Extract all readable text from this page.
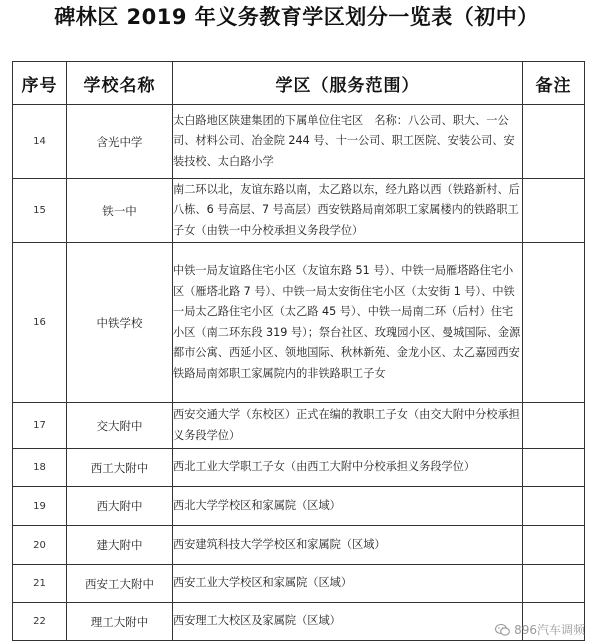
碑林区 2019 年义务教育学区划分一览表（初中）
序号	学校名称	学区（服务范围）	备注
14	含光中学	太白路地区陕建集团的下属单位住宅区　名称：八公司、职大、一公司、材料公司、冶金院 244 号、十一公司、职工医院、安装公司、安装技校、太白路小学	
15	铁一中	南二环以北，友谊东路以南，太乙路以东，经九路以西（铁路新村、后八栋、6 号高层、7 号高层）西安铁路局南郊职工家属楼内的铁路职工子女（由铁一中分校承担义务段学位）	
16	中铁学校	中铁一局友谊路住宅小区（友谊东路 51 号）、中铁一局雁塔路住宅小区（雁塔北路 7 号）、中铁一局太安街住宅小区（太安街 1 号）、中铁一局太乙路住宅小区（太乙路 45 号）、中铁一局南二环（后村）住宅小区（南二环东段 319 号）；祭台社区、玫瑰园小区、曼城国际、金源都市公寓、西延小区、领地国际、秋林新苑、金龙小区、太乙嘉园西安铁路局南郊职工家属院内的非铁路职工子女	
17	交大附中	西安交通大学（东校区）正式在编的教职工子女（由交大附中分校承担义务段学位）	
18	西工大附中	西北工业大学职工子女（由西工大附中分校承担义务段学位）	
19	西大附中	西北大学学校区和家属院（区域）	
20	建大附中	西安建筑科技大学学校区和家属院（区域）	
21	西安工大附中	西安工业大学校区和家属院（区域）	
22	理工大附中	西安理工大校区及家属院（区域）	
896汽车调频
